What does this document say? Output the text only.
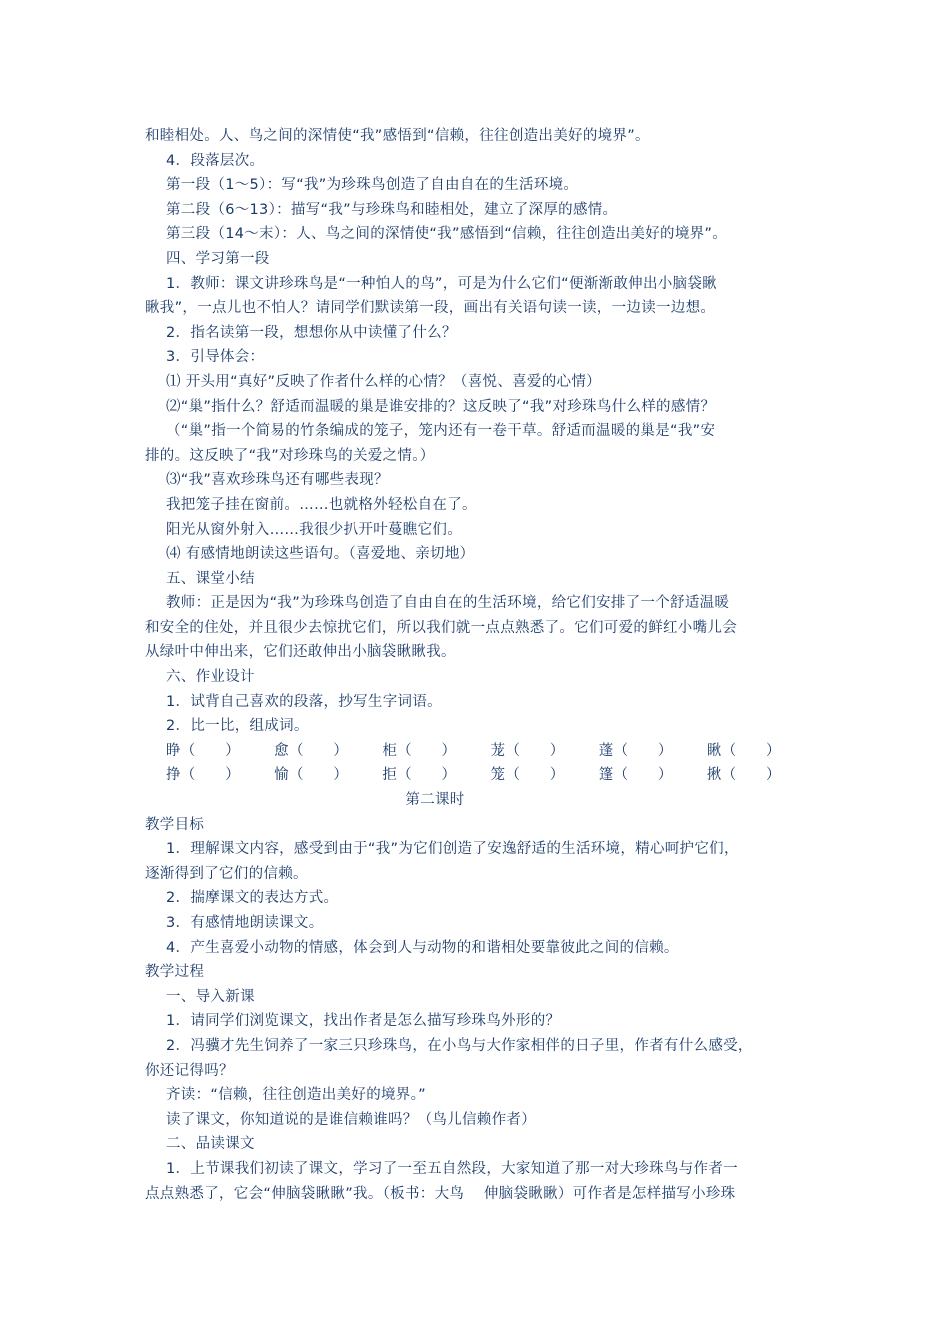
和睦相处。人、鸟之间的深情使“我”感悟到“信赖，往往创造出美好的境界”。
4．段落层次。
第一段（1～5）：写“我”为珍珠鸟创造了自由自在的生活环境。
第二段（6～13）：描写“我”与珍珠鸟和睦相处，建立了深厚的感情。
第三段（14～末）：人、鸟之间的深情使“我”感悟到“信赖，往往创造出美好的境界”。
四、学习第一段
1．教师：课文讲珍珠鸟是“一种怕人的鸟”，可是为什么它们“便渐渐敢伸出小脑袋瞅
瞅我”，一点儿也不怕人？请同学们默读第一段，画出有关语句读一读，一边读一边想。
2．指名读第一段，想想你从中读懂了什么？
3．引导体会：
⑴ 开头用“真好”反映了作者什么样的心情？（喜悦、喜爱的心情）
⑵“巢”指什么？舒适而温暖的巢是谁安排的？这反映了“我”对珍珠鸟什么样的感情？
（“巢”指一个简易的竹条编成的笼子，笼内还有一卷干草。舒适而温暖的巢是“我”安
排的。这反映了“我”对珍珠鸟的关爱之情。）
⑶“我”喜欢珍珠鸟还有哪些表现？
我把笼子挂在窗前。……也就格外轻松自在了。
阳光从窗外射入……我很少扒开叶蔓瞧它们。
⑷ 有感情地朗读这些语句。（喜爱地、亲切地）
五、课堂小结
教师：正是因为“我”为珍珠鸟创造了自由自在的生活环境，给它们安排了一个舒适温暖
和安全的住处，并且很少去惊扰它们，所以我们就一点点熟悉了。它们可爱的鲜红小嘴儿会
从绿叶中伸出来，它们还敢伸出小脑袋瞅瞅我。
六、作业设计
1．试背自己喜欢的段落，抄写生字词语。
2．比一比，组成词。
睁（　　）	愈（　　）	柜（　　）	茏（　　）	蓬（　　）	瞅（　　）
挣（　　）	愉（　　）	拒（　　）	笼（　　）	篷（　　）	揪（　　）
第二课时
教学目标
1．理解课文内容，感受到由于“我”为它们创造了安逸舒适的生活环境，精心呵护它们，
逐渐得到了它们的信赖。
2．揣摩课文的表达方式。
3．有感情地朗读课文。
4．产生喜爱小动物的情感，体会到人与动物的和谐相处要靠彼此之间的信赖。
教学过程
一、导入新课
1．请同学们浏览课文，找出作者是怎么描写珍珠鸟外形的？
2．冯骥才先生饲养了一家三只珍珠鸟，在小鸟与大作家相伴的日子里，作者有什么感受，
你还记得吗？
齐读：“信赖，往往创造出美好的境界。”
读了课文，你知道说的是谁信赖谁吗？（鸟儿信赖作者）
二、品读课文
1．上节课我们初读了课文，学习了一至五自然段，大家知道了那一对大珍珠鸟与作者一
点点熟悉了，它会“伸脑袋瞅瞅”我。（板书：大鸟　 伸脑袋瞅瞅）可作者是怎样描写小珍珠
